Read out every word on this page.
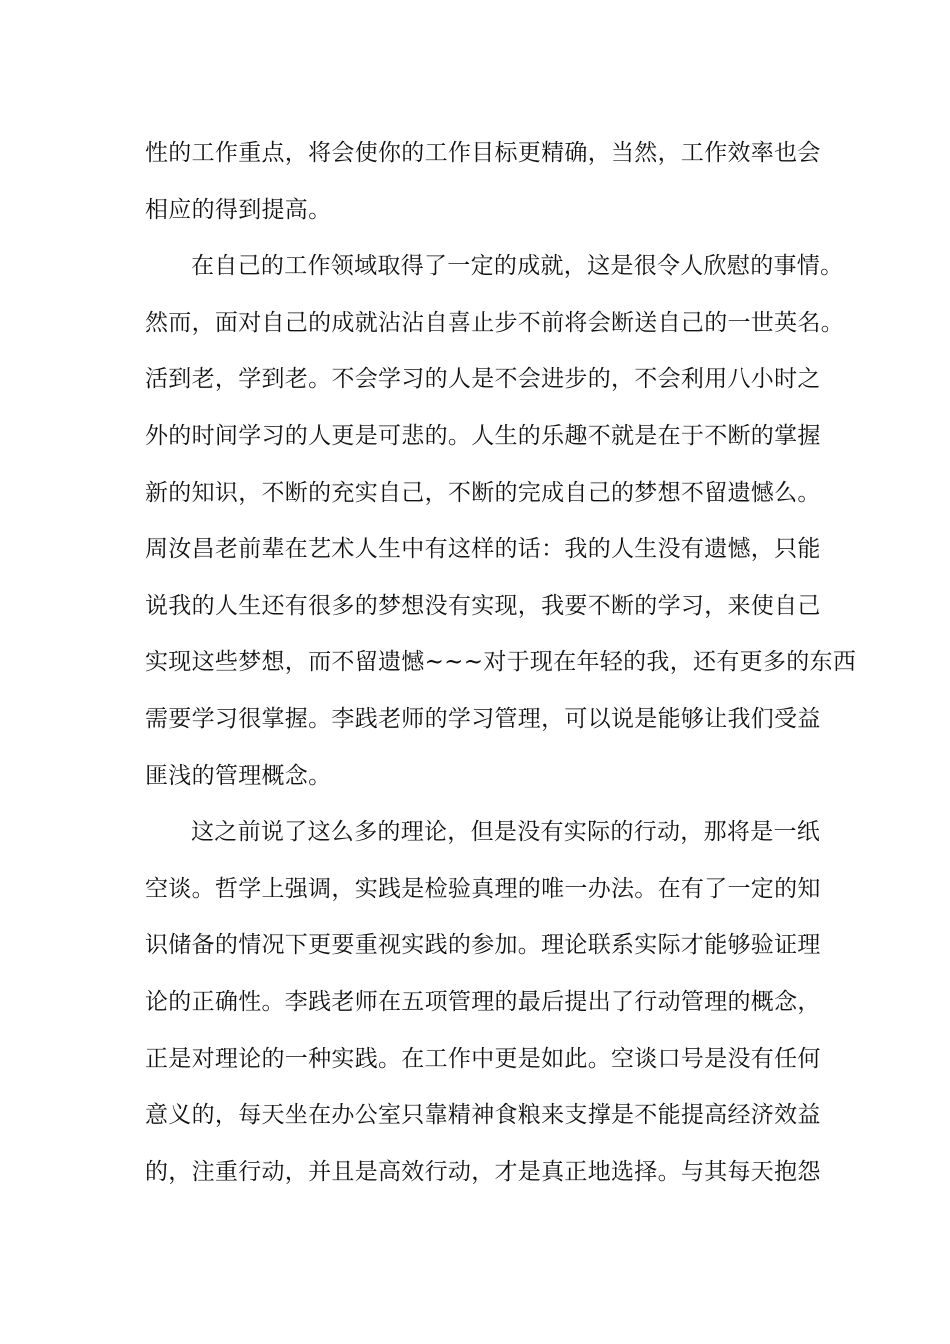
性的工作重点，将会使你的工作目标更精确，当然，工作效率也会
相应的得到提高。
在自己的工作领域取得了一定的成就，这是很令人欣慰的事情。
然而，面对自己的成就沾沾自喜止步不前将会断送自己的一世英名。
活到老，学到老。不会学习的人是不会进步的，不会利用八小时之
外的时间学习的人更是可悲的。人生的乐趣不就是在于不断的掌握
新的知识，不断的充实自己，不断的完成自己的梦想不留遗憾么。
周汝昌老前辈在艺术人生中有这样的话：我的人生没有遗憾，只能
说我的人生还有很多的梦想没有实现，我要不断的学习，来使自己
实现这些梦想，而不留遗憾~~~对于现在年轻的我，还有更多的东西
需要学习很掌握。李践老师的学习管理，可以说是能够让我们受益
匪浅的管理概念。
这之前说了这么多的理论，但是没有实际的行动，那将是一纸
空谈。哲学上强调，实践是检验真理的唯一办法。在有了一定的知
识储备的情况下更要重视实践的参加。理论联系实际才能够验证理
论的正确性。李践老师在五项管理的最后提出了行动管理的概念，
正是对理论的一种实践。在工作中更是如此。空谈口号是没有任何
意义的，每天坐在办公室只靠精神食粮来支撑是不能提高经济效益
的，注重行动，并且是高效行动，才是真正地选择。与其每天抱怨
